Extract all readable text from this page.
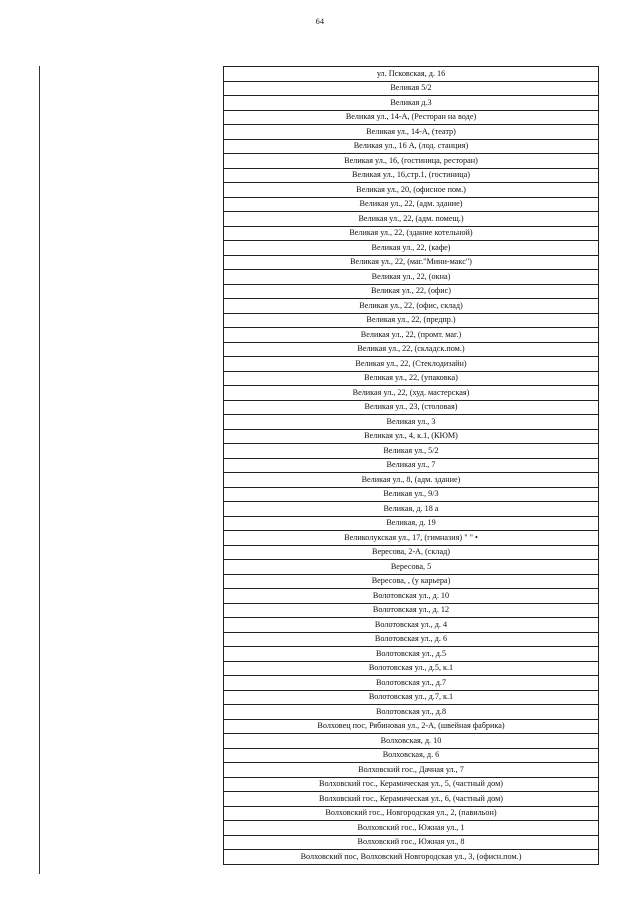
64
ул. Псковская, д. 16
Великая 5/2
Великая д.3
Великая ул., 14-А, (Ресторан на воде)
Великая ул., 14-А, (театр)
Великая ул., 16 А, (лод. станция)
Великая ул., 16, (гостиница, ресторан)
Великая ул., 16,стр.1, (гостиница)
Великая ул., 20, (офисное пом.)
Великая ул., 22, (адм. здание)
Великая ул., 22, (адм. помещ.)
Великая ул., 22, (здание котельной)
Великая ул., 22, (кафе)
Великая ул., 22, (маг."Мини-макс")
Великая ул., 22, (окна)
Великая ул., 22, (офис)
Великая ул., 22, (офис, склад)
Великая ул., 22, (предпр.)
Великая ул., 22, (промт. маг.)
Великая ул., 22, (складск.пом.)
Великая ул., 22, (Стеклодизайн)
Великая ул., 22, (упаковка)
Великая ул., 22, (худ. мастерская)
Великая ул., 23, (столовая)
Великая ул., 3
Великая ул., 4, к.1, (КЮМ)
Великая ул., 5/2
Великая ул., 7
Великая ул., 8, (адм. здание)
Великая ул., 9/3
Великая, д. 18 а
Великая, д. 19
Великолукская ул., 17, (гимназия) " " •
Вересова, 2-А, (склад)
Вересова, 5
Вересова, , (у карьера)
Волотовская ул., д. 10
Волотовская ул., д. 12
Волотовская ул., д. 4
Волотовская ул., д. 6
Волотовская ул., д.5
Волотовская ул., д.5, к.1
Волотовская ул., д.7
Волотовская ул., д.7, к.1
Волотовская ул., д.8
Волховец пос, Рябиновая ул., 2-А, (швейная фабрика)
Волховская, д. 10
Волховская, д. 6
Волховский гос., Дачная ул., 7
Волховский гос., Керамическая ул., 5, (частный дом)
Волховский гос., Керамическая ул., 6, (частный дом)
Волховский гос., Новгородская ул., 2, (павильон)
Волховский гос., Южная ул., 1
Волховский гос., Южная ул., 8
Волховский пос, Волховский Новгородская ул., 3, (офисн.пом.)
